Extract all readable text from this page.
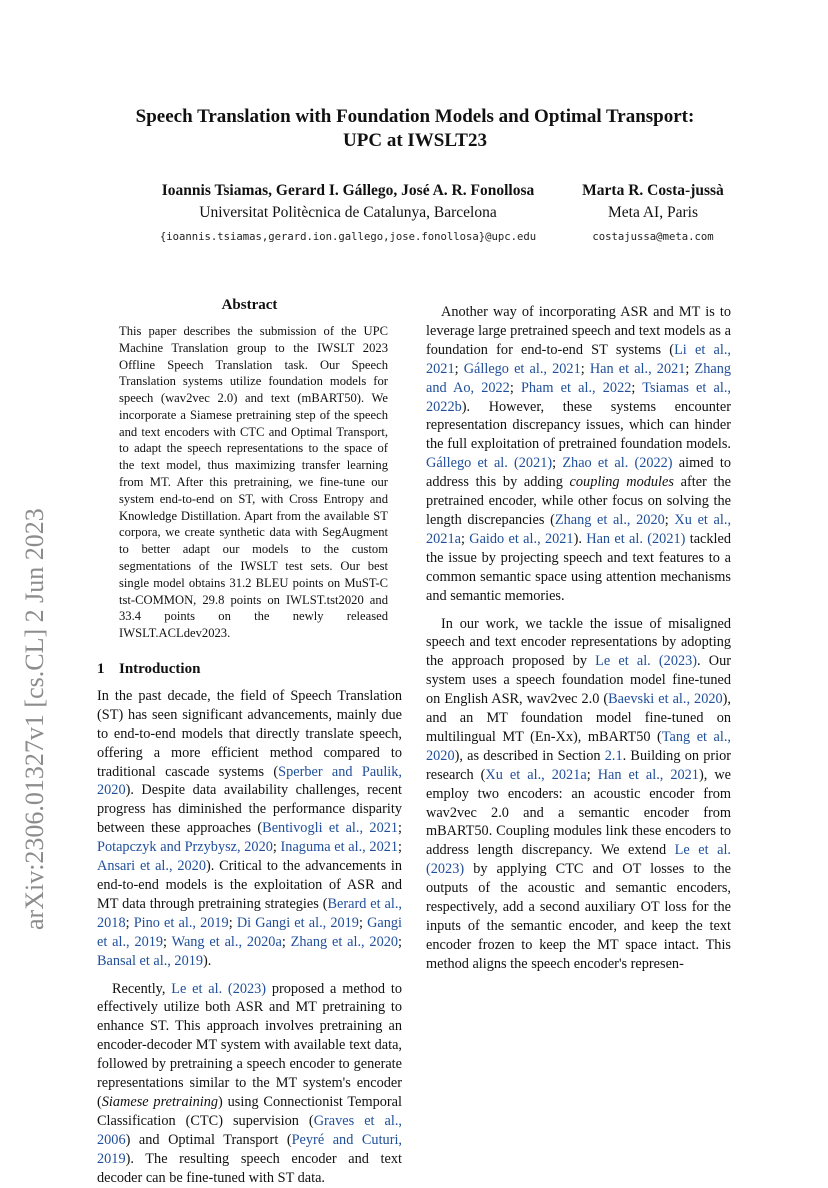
arXiv:2306.01327v1 [cs.CL] 2 Jun 2023
Speech Translation with Foundation Models and Optimal Transport:
UPC at IWSLT23
Ioannis Tsiamas, Gerard I. Gállego, José A. R. Fonollosa
Universitat Politècnica de Catalunya, Barcelona
{ioannis.tsiamas,gerard.ion.gallego,jose.fonollosa}@upc.edu
Marta R. Costa-jussà
Meta AI, Paris
costajussa@meta.com
Abstract

This paper describes the submission of the UPC Machine Translation group to the IWSLT 2023 Offline Speech Translation task. Our Speech Translation systems utilize foundation models for speech (wav2vec 2.0) and text (mBART50). We incorporate a Siamese pretraining step of the speech and text encoders with CTC and Optimal Transport, to adapt the speech representations to the space of the text model, thus maximizing transfer learning from MT. After this pretraining, we fine-tune our system end-to-end on ST, with Cross Entropy and Knowledge Distillation. Apart from the available ST corpora, we create synthetic data with SegAugment to better adapt our models to the custom segmentations of the IWSLT test sets. Our best single model obtains 31.2 BLEU points on MuST-C tst-COMMON, 29.8 points on IWLST.tst2020 and 33.4 points on the newly released IWSLT.ACLdev2023.

1 Introduction

In the past decade, the field of Speech Translation (ST) has seen significant advancements, mainly due to end-to-end models that directly translate speech, offering a more efficient method compared to traditional cascade systems (Sperber and Paulik, 2020). Despite data availability challenges, recent progress has diminished the performance disparity between these approaches (Bentivogli et al., 2021; Potapczyk and Przybysz, 2020; Inaguma et al., 2021; Ansari et al., 2020). Critical to the advancements in end-to-end models is the exploitation of ASR and MT data through pretraining strategies (Berard et al., 2018; Pino et al., 2019; Di Gangi et al., 2019; Gangi et al., 2019; Wang et al., 2020a; Zhang et al., 2020; Bansal et al., 2019).

Recently, Le et al. (2023) proposed a method to effectively utilize both ASR and MT pretraining to enhance ST. This approach involves pretraining an encoder-decoder MT system with available text data, followed by pretraining a speech encoder to generate representations similar to the MT system's encoder (Siamese pretraining) using Connectionist Temporal Classification (CTC) supervision (Graves et al., 2006) and Optimal Transport (Peyré and Cuturi, 2019). The resulting speech encoder and text decoder can be fine-tuned with ST data.

Another way of incorporating ASR and MT is to leverage large pretrained speech and text models as a foundation for end-to-end ST systems (Li et al., 2021; Gállego et al., 2021; Han et al., 2021; Zhang and Ao, 2022; Pham et al., 2022; Tsiamas et al., 2022b). However, these systems encounter representation discrepancy issues, which can hinder the full exploitation of pretrained foundation models. Gállego et al. (2021); Zhao et al. (2022) aimed to address this by adding coupling modules after the pretrained encoder, while other focus on solving the length discrepancies (Zhang et al., 2020; Xu et al., 2021a; Gaido et al., 2021). Han et al. (2021) tackled the issue by projecting speech and text features to a common semantic space using attention mechanisms and semantic memories.

In our work, we tackle the issue of misaligned speech and text encoder representations by adopting the approach proposed by Le et al. (2023). Our system uses a speech foundation model fine-tuned on English ASR, wav2vec 2.0 (Baevski et al., 2020), and an MT foundation model fine-tuned on multilingual MT (En-Xx), mBART50 (Tang et al., 2020), as described in Section 2.1. Building on prior research (Xu et al., 2021a; Han et al., 2021), we employ two encoders: an acoustic encoder from wav2vec 2.0 and a semantic encoder from mBART50. Coupling modules link these encoders to address length discrepancy. We extend Le et al. (2023) by applying CTC and OT losses to the outputs of the acoustic and semantic encoders, respectively, add a second auxiliary OT loss for the inputs of the semantic encoder, and keep the text encoder frozen to keep the MT space intact. This method aligns the speech encoder's represen-
